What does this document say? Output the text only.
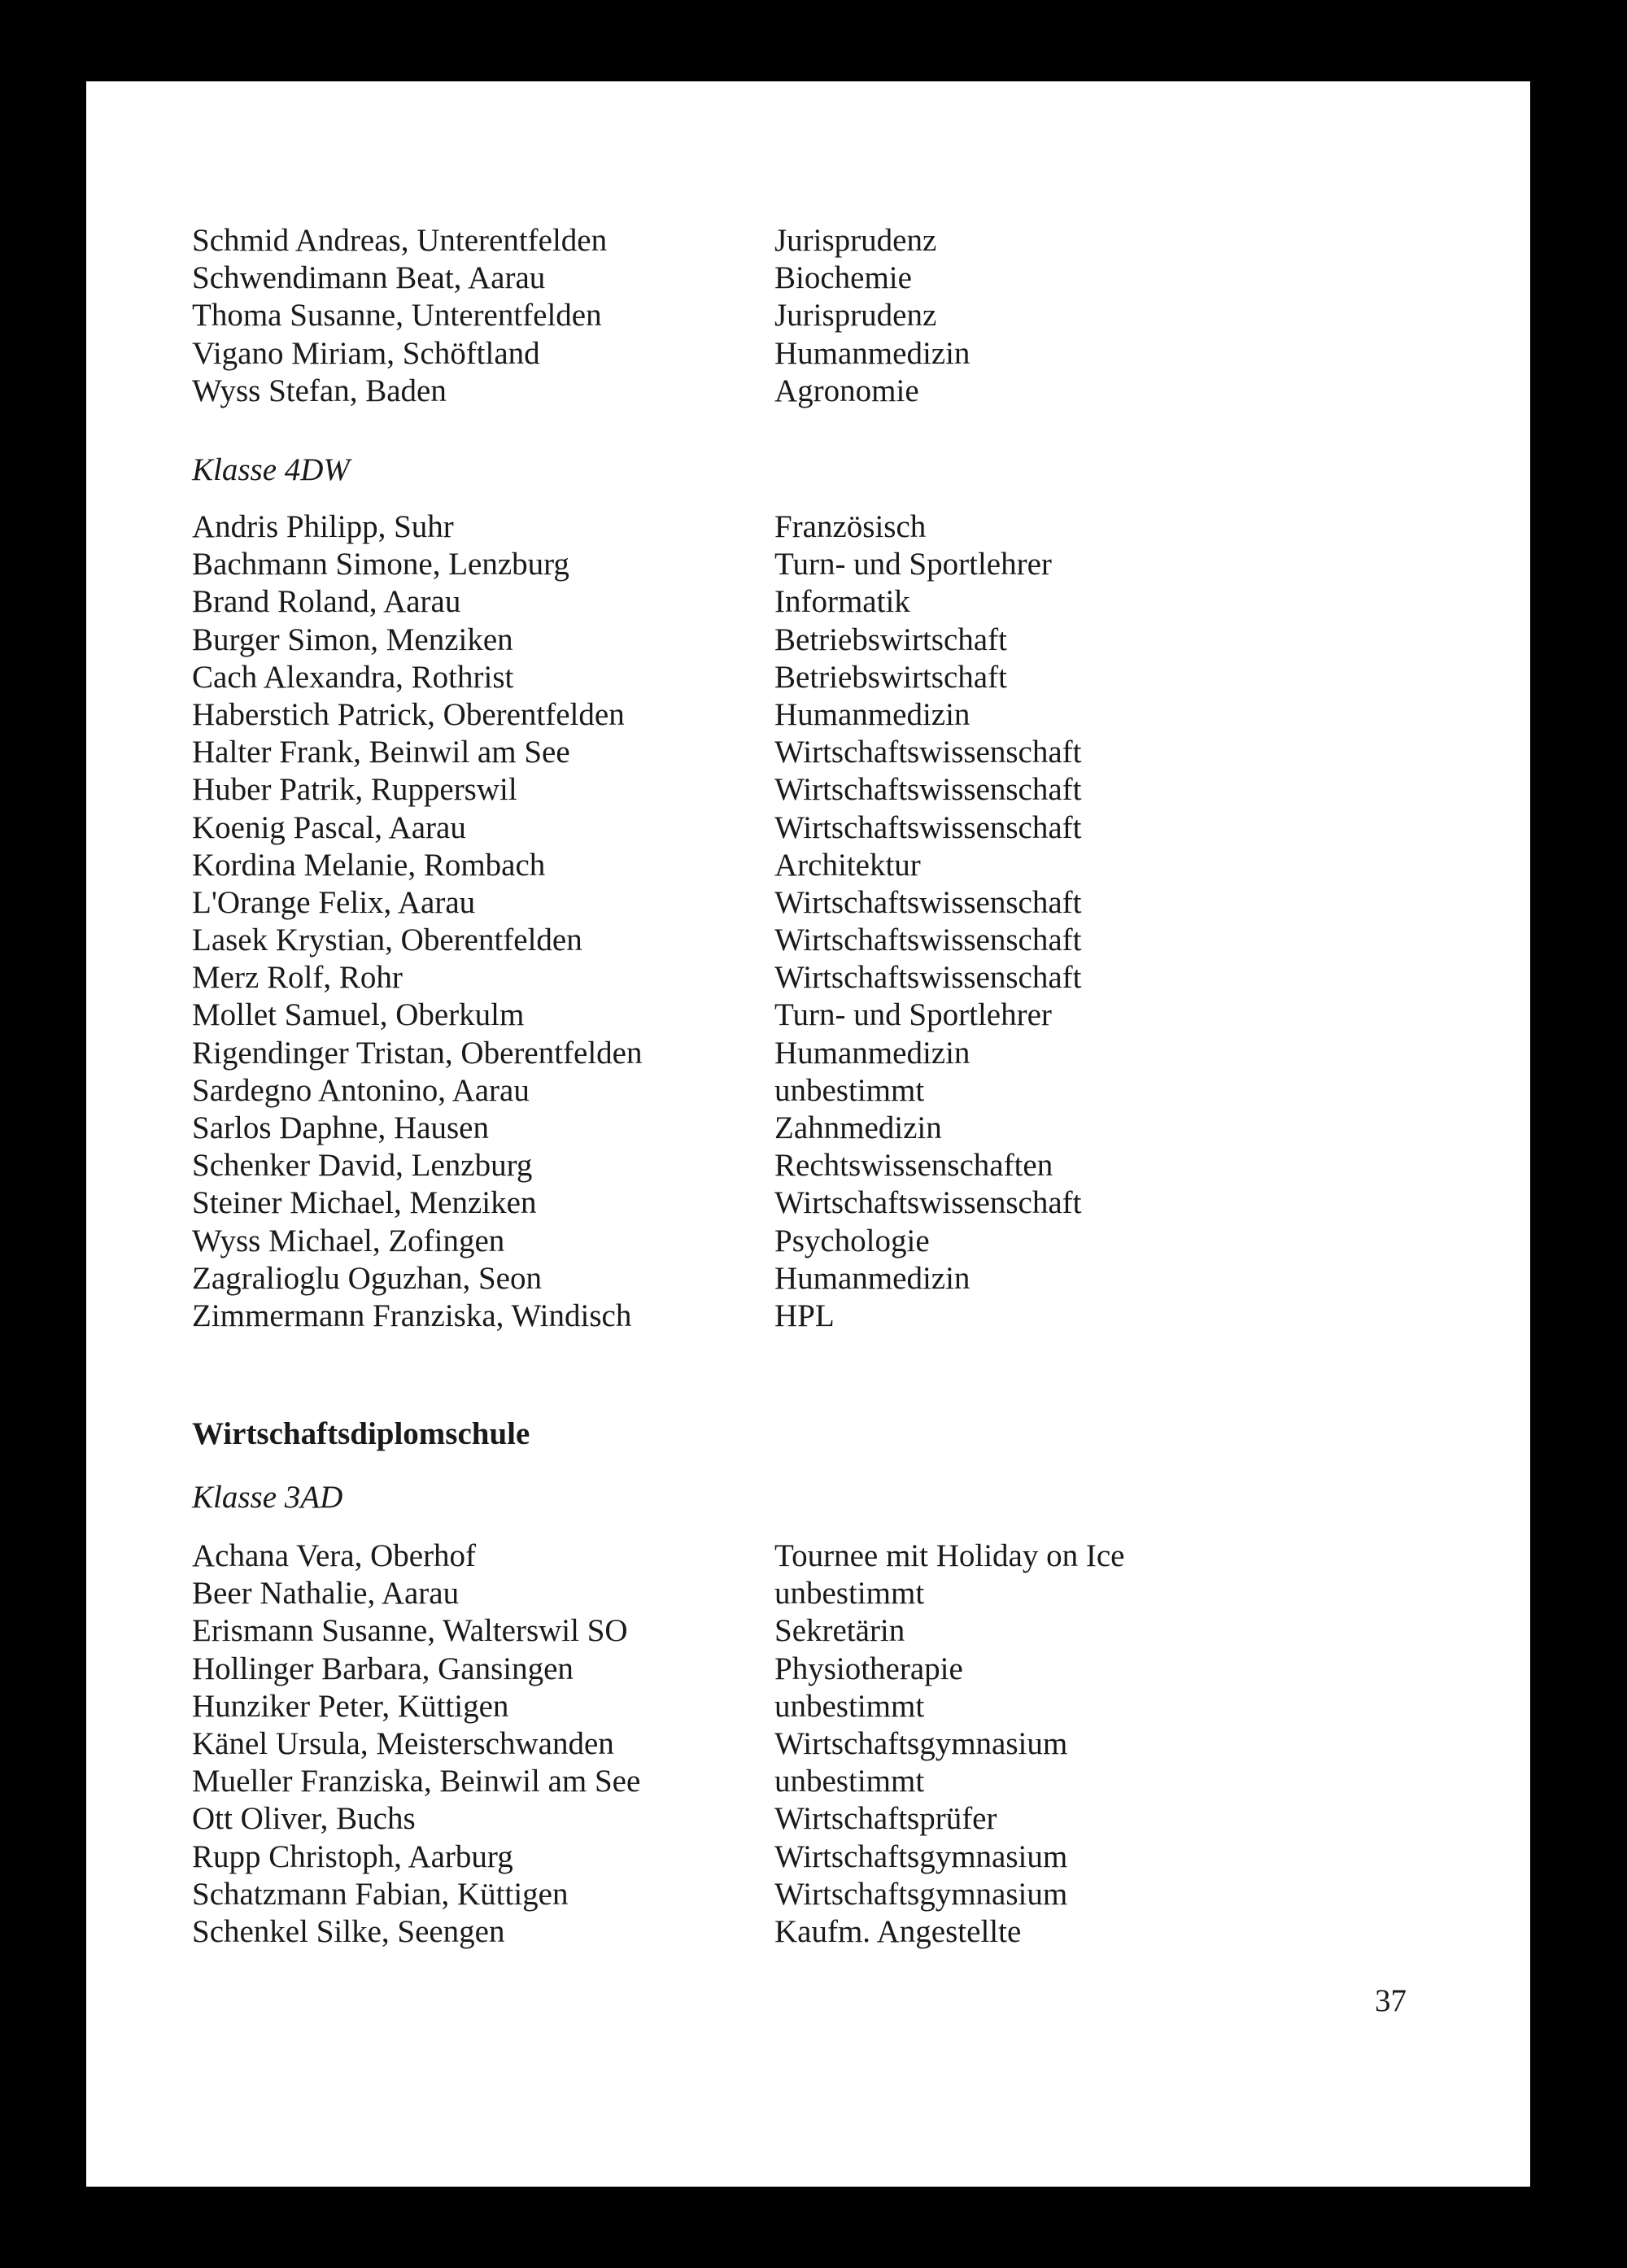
Schmid Andreas, Unterentfelden	Jurisprudenz
Schwendimann Beat, Aarau	Biochemie
Thoma Susanne, Unterentfelden	Jurisprudenz
Vigano Miriam, Schöftland	Humanmedizin
Wyss Stefan, Baden	Agronomie
Klasse 4DW
Andris Philipp, Suhr	Französisch
Bachmann Simone, Lenzburg	Turn- und Sportlehrer
Brand Roland, Aarau	Informatik
Burger Simon, Menziken	Betriebswirtschaft
Cach Alexandra, Rothrist	Betriebswirtschaft
Haberstich Patrick, Oberentfelden	Humanmedizin
Halter Frank, Beinwil am See	Wirtschaftswissenschaft
Huber Patrik, Rupperswil	Wirtschaftswissenschaft
Koenig Pascal, Aarau	Wirtschaftswissenschaft
Kordina Melanie, Rombach	Architektur
L'Orange Felix, Aarau	Wirtschaftswissenschaft
Lasek Krystian, Oberentfelden	Wirtschaftswissenschaft
Merz Rolf, Rohr	Wirtschaftswissenschaft
Mollet Samuel, Oberkulm	Turn- und Sportlehrer
Rigendinger Tristan, Oberentfelden	Humanmedizin
Sardegno Antonino, Aarau	unbestimmt
Sarlos Daphne, Hausen	Zahnmedizin
Schenker David, Lenzburg	Rechtswissenschaften
Steiner Michael, Menziken	Wirtschaftswissenschaft
Wyss Michael, Zofingen	Psychologie
Zagralioglu Oguzhan, Seon	Humanmedizin
Zimmermann Franziska, Windisch	HPL
Wirtschaftsdiplomschule
Klasse 3AD
Achana Vera, Oberhof	Tournee mit Holiday on Ice
Beer Nathalie, Aarau	unbestimmt
Erismann Susanne, Walterswil SO	Sekretärin
Hollinger Barbara, Gansingen	Physiotherapie
Hunziker Peter, Küttigen	unbestimmt
Känel Ursula, Meisterschwanden	Wirtschaftsgymnasium
Mueller Franziska, Beinwil am See	unbestimmt
Ott Oliver, Buchs	Wirtschaftsprüfer
Rupp Christoph, Aarburg	Wirtschaftsgymnasium
Schatzmann Fabian, Küttigen	Wirtschaftsgymnasium
Schenkel Silke, Seengen	Kaufm. Angestellte
37
